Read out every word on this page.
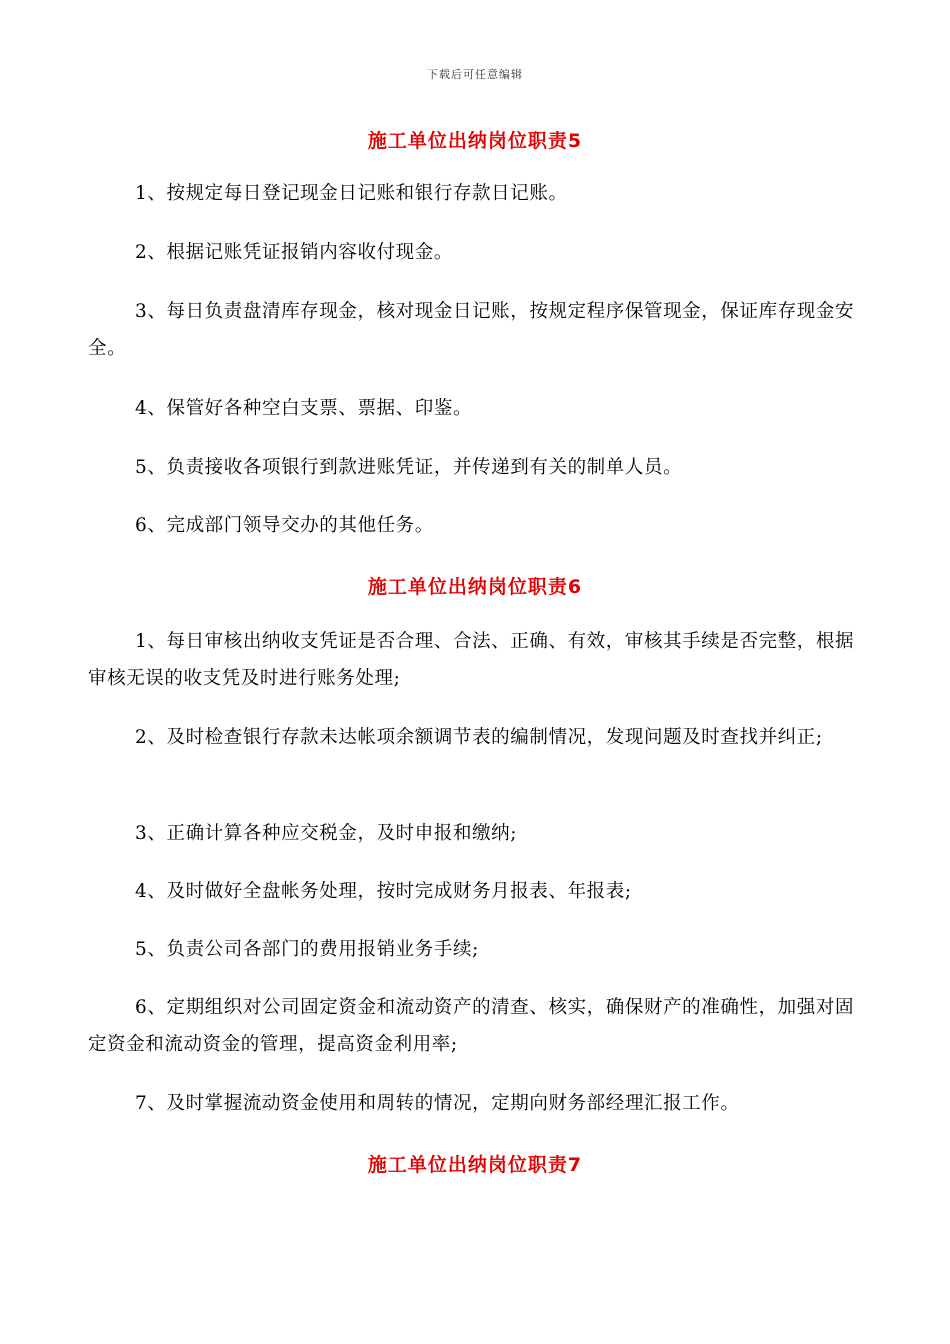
下载后可任意编辑
施工单位出纳岗位职责5

1、按规定每日登记现金日记账和银行存款日记账。

2、根据记账凭证报销内容收付现金。

3、每日负责盘清库存现金，核对现金日记账，按规定程序保管现金，保证库存现金安全。

4、保管好各种空白支票、票据、印鉴。

5、负责接收各项银行到款进账凭证，并传递到有关的制单人员。

6、完成部门领导交办的其他任务。

施工单位出纳岗位职责6

1、每日审核出纳收支凭证是否合理、合法、正确、有效，审核其手续是否完整，根据审核无误的收支凭及时进行账务处理;

2、及时检查银行存款未达帐项余额调节表的编制情况，发现问题及时查找并纠正;

3、正确计算各种应交税金，及时申报和缴纳;

4、及时做好全盘帐务处理，按时完成财务月报表、年报表;

5、负责公司各部门的费用报销业务手续;

6、定期组织对公司固定资金和流动资产的清查、核实，确保财产的准确性，加强对固定资金和流动资金的管理，提高资金利用率;

7、及时掌握流动资金使用和周转的情况，定期向财务部经理汇报工作。

施工单位出纳岗位职责7
